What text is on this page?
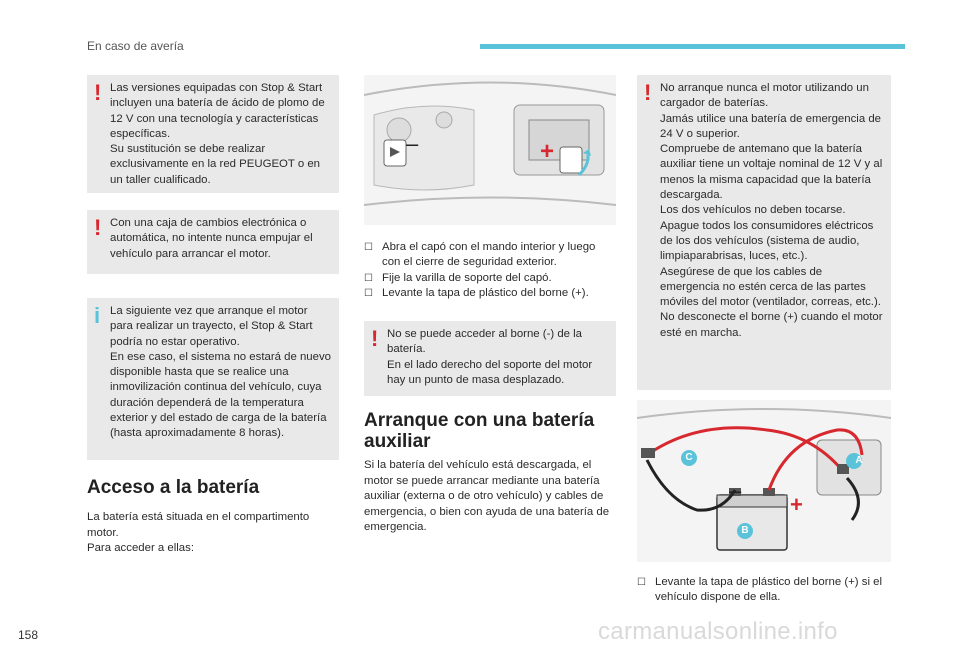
En caso de avería
! Las versiones equipadas con Stop & Start incluyen una batería de ácido de plomo de 12 V con una tecnología y características específicas.

Su sustitución se debe realizar exclusivamente en la red PEUGEOT o en un taller cualificado.

! Con una caja de cambios electrónica o automática, no intente nunca empujar el vehículo para arrancar el motor.

i La siguiente vez que arranque el motor para realizar un trayecto, el Stop & Start podría no estar operativo.

En ese caso, el sistema no estará de nuevo disponible hasta que se realice una inmovilización continua del vehículo, cuya duración dependerá de la temperatura exterior y del estado de carga de la batería (hasta aproximadamente 8 horas).

Acceso a la batería

La batería está situada en el compartimento motor.

Para acceder a ellas:

–	+
☐ Abra el capó con el mando interior y luego con el cierre de seguridad exterior.
☐ Fije la varilla de soporte del capó.
☐ Levante la tapa de plástico del borne (+).
! No se puede acceder al borne (-) de la batería.

En el lado derecho del soporte del motor hay un punto de masa desplazado.

Arranque con una batería auxiliar

Si la batería del vehículo está descargada, el motor se puede arrancar mediante una batería auxiliar (externa o de otro vehículo) y cables de emergencia, o bien con ayuda de una batería de emergencia.

! No arranque nunca el motor utilizando un cargador de baterías.

Jamás utilice una batería de emergencia de 24 V o superior.

Compruebe de antemano que la batería auxiliar tiene un voltaje nominal de 12 V y al menos la misma capacidad que la batería descargada.

Los dos vehículos no deben tocarse.

Apague todos los consumidores eléctricos de los dos vehículos (sistema de audio, limpiaparabrisas, luces, etc.).

Asegúrese de que los cables de emergencia no estén cerca de las partes móviles del motor (ventilador, correas, etc.).

No desconecte el borne (+) cuando el motor esté en marcha.

A
C
B
–
+
☐ Levante la tapa de plástico del borne (+) si el vehículo dispone de ella.
158	carmanualsonline.info
